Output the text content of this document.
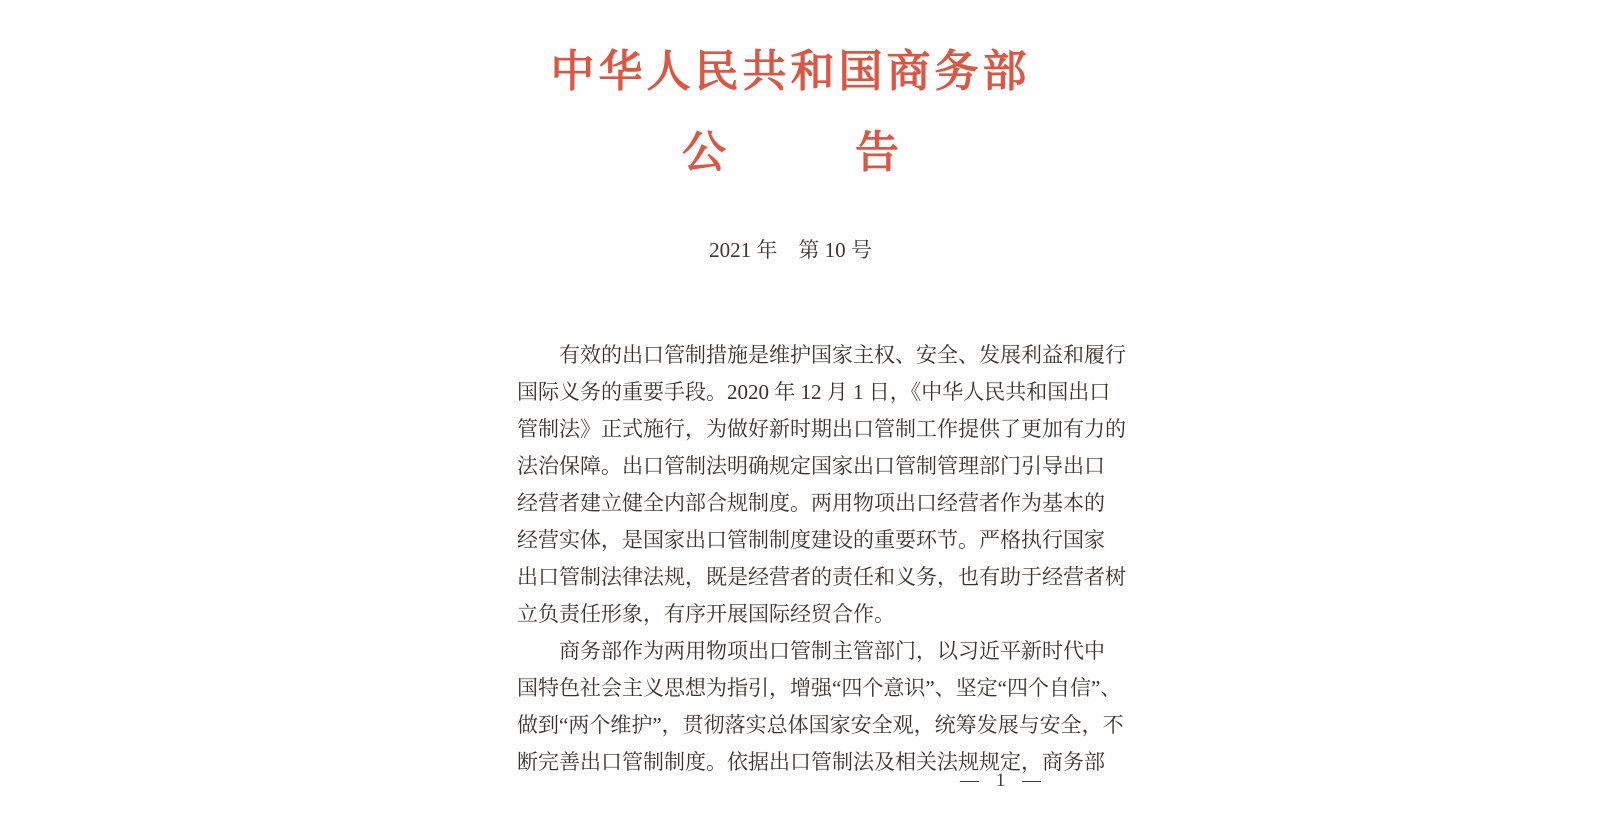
中华人民共和国商务部
公 告
2021 年　第 10 号
有效的出口管制措施是维护国家主权、安全、发展利益和履行
国际义务的重要手段。2020 年 12 月 1 日，《中华人民共和国出口
管制法》正式施行，为做好新时期出口管制工作提供了更加有力的
法治保障。出口管制法明确规定国家出口管制管理部门引导出口
经营者建立健全内部合规制度。两用物项出口经营者作为基本的
经营实体，是国家出口管制制度建设的重要环节。严格执行国家
出口管制法律法规，既是经营者的责任和义务，也有助于经营者树
立负责任形象，有序开展国际经贸合作。
商务部作为两用物项出口管制主管部门，以习近平新时代中
国特色社会主义思想为指引，增强“四个意识”、坚定“四个自信”、
做到“两个维护”，贯彻落实总体国家安全观，统筹发展与安全，不
断完善出口管制制度。依据出口管制法及相关法规规定，商务部
— 1 —
